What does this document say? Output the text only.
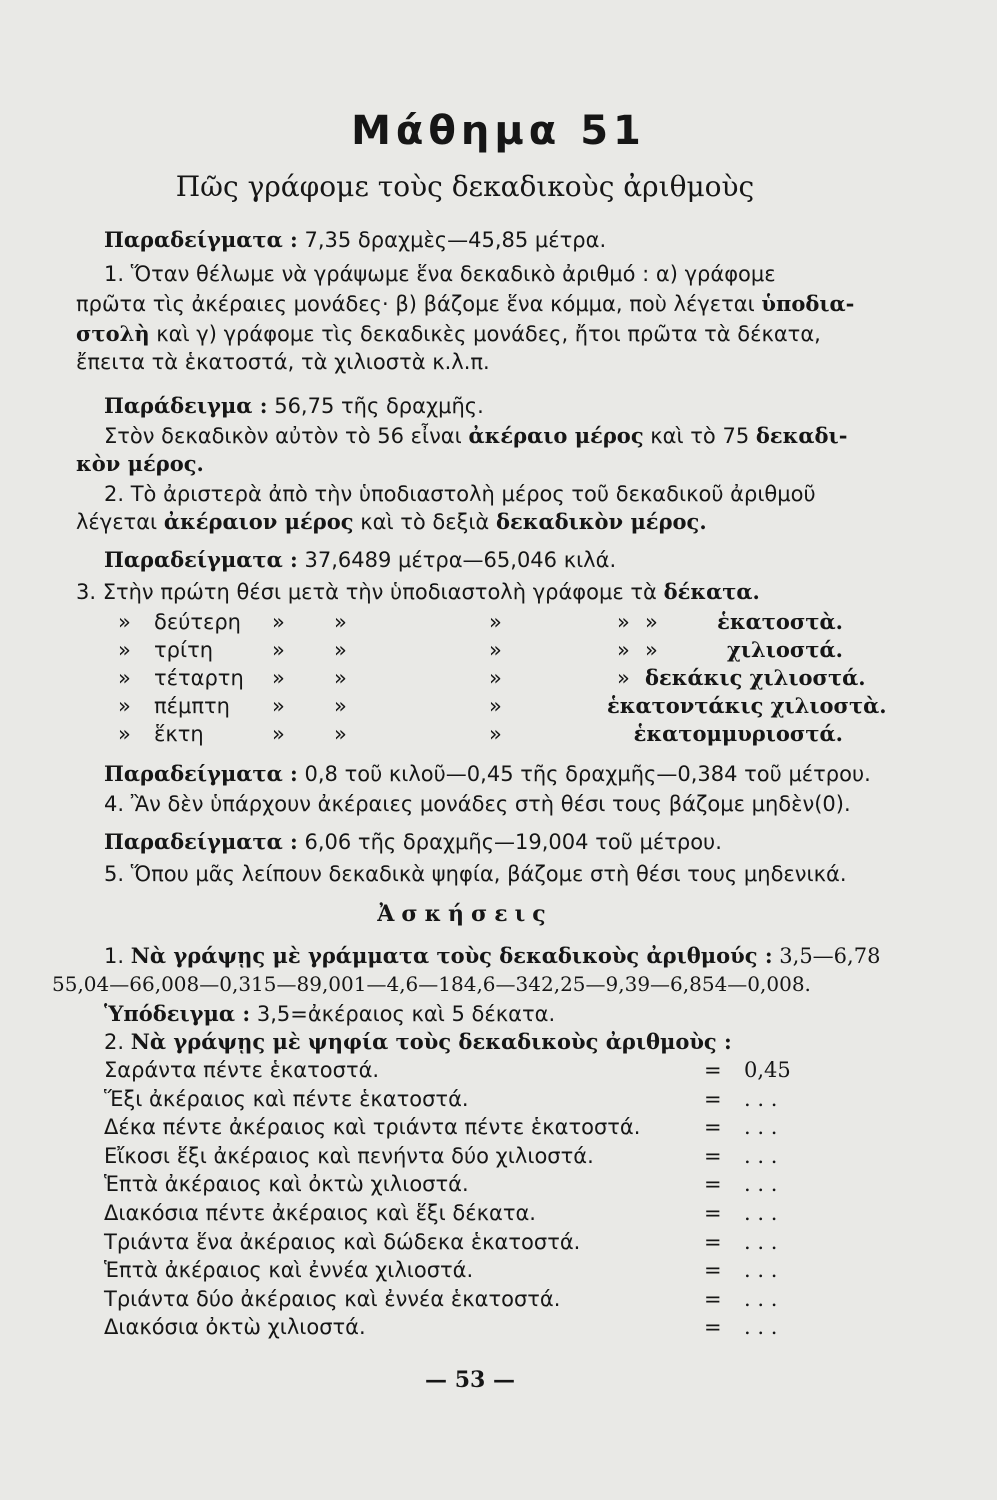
Μάθημα 51
Πῶς γράφομε τοὺς δεκαδικοὺς ἀριθμοὺς
Παραδείγματα : 7,35 δραχμὲς—45,85 μέτρα.
1. Ὅταν θέλωμε νὰ γράψωμε ἕνα δεκαδικὸ ἀριθμό : α) γράφομε
πρῶτα τὶς ἀκέραιες μονάδες· β) βάζομε ἕνα κόμμα, ποὺ λέγεται ὑποδια-
στολὴ καὶ γ) γράφομε τὶς δεκαδικὲς μονάδες, ἤτοι πρῶτα τὰ δέκατα,
ἔπειτα τὰ ἑκατοστά, τὰ χιλιοστὰ κ.λ.π.
Παράδειγμα : 56,75 τῆς δραχμῆς.
Στὸν δεκαδικὸν αὐτὸν τὸ 56 εἶναι ἀκέραιο μέρος καὶ τὸ 75 δεκαδι-
κὸν μέρος.
2. Τὸ ἀριστερὰ ἀπὸ τὴν ὑποδιαστολὴ μέρος τοῦ δεκαδικοῦ ἀριθμοῦ
λέγεται ἀκέραιον μέρος καὶ τὸ δεξιὰ δεκαδικὸν μέρος.
Παραδείγματα : 37,6489 μέτρα—65,046 κιλά.
3. Στὴν πρώτη θέσι μετὰ τὴν ὑποδιαστολὴ γράφομε τὰ δέκατα.
» δεύτερη » »	»	» »	ἑκατοστὰ.
» τρίτη	» »	»	» »	χιλιοστά.
» τέταρτη » »	»	» δεκάκις χιλιοστά.
» πέμπτη » »	»	ἑκατοντάκις χιλιοστὰ.
» ἕκτη	» »	»	ἑκατομμυριοστά.
Παραδείγματα : 0,8 τοῦ κιλοῦ—0,45 τῆς δραχμῆς—0,384 τοῦ μέτρου.
4. Ἂν δὲν ὑπάρχουν ἀκέραιες μονάδες στὴ θέσι τους βάζομε μηδὲν(0).
Παραδείγματα : 6,06 τῆς δραχμῆς—19,004 τοῦ μέτρου.
5. Ὅπου μᾶς λείπουν δεκαδικὰ ψηφία, βάζομε στὴ θέσι τους μηδενικά.
Ἀσκήσεις
1. Νὰ γράψῃς μὲ γράμματα τοὺς δεκαδικοὺς ἀριθμούς : 3,5—6,78
55,04—66,008—0,315—89,001—4,6—184,6—342,25—9,39—6,854—0,008.
Ὑπόδειγμα : 3,5=ἀκέραιος καὶ 5 δέκατα.
2. Νὰ γράψῃς μὲ ψηφία τοὺς δεκαδικοὺς ἀριθμοὺς :
Σαράντα πέντε ἑκατοστά.	= 0,45
Ἕξι ἀκέραιος καὶ πέντε ἑκατοστά.	= . . .
Δέκα πέντε ἀκέραιος καὶ τριάντα πέντε ἑκατοστά.	= . . .
Εἴκοσι ἕξι ἀκέραιος καὶ πενήντα δύο χιλιοστά.	= . . .
Ἑπτὰ ἀκέραιος καὶ ὀκτὼ χιλιοστά.	= . . .
Διακόσια πέντε ἀκέραιος καὶ ἕξι δέκατα.	= . . .
Τριάντα ἕνα ἀκέραιος καὶ δώδεκα ἑκατοστά.	= . . .
Ἑπτὰ ἀκέραιος καὶ ἐννέα χιλιοστά.	= . . .
Τριάντα δύο ἀκέραιος καὶ ἐννέα ἑκατοστά.	= . . .
Διακόσια ὀκτὼ χιλιοστά.	= . . .
— 53 —
